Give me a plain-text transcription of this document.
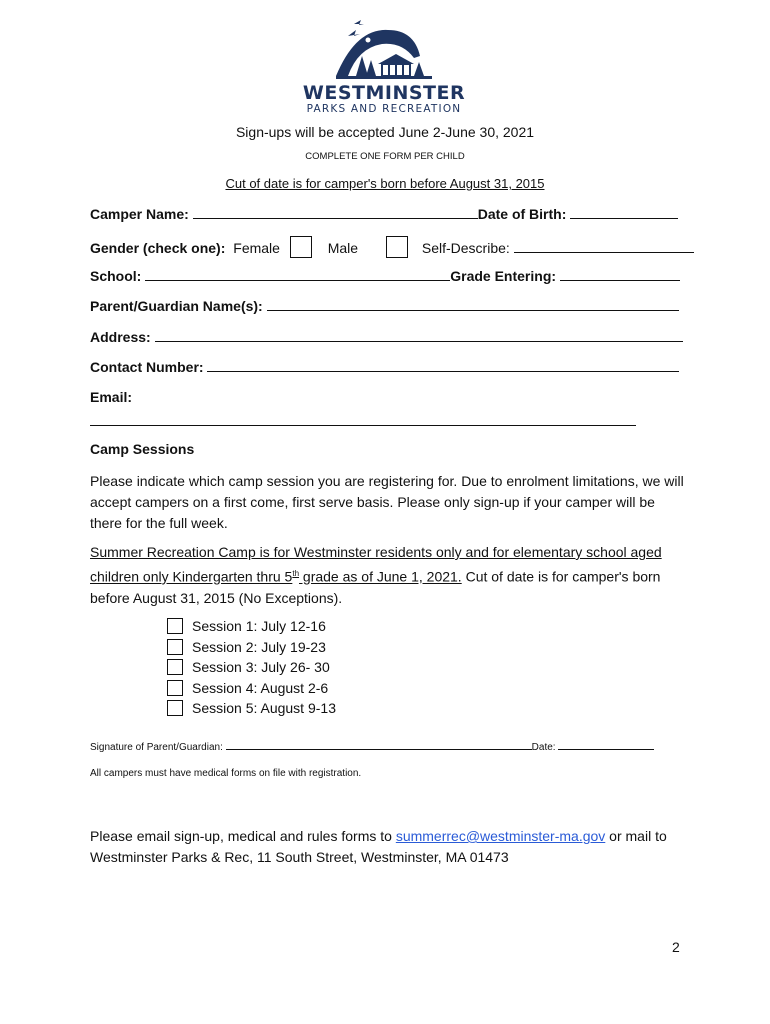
WESTMINSTER
PARKS AND RECREATION
Sign-ups will be accepted June 2-June 30, 2021
COMPLETE ONE FORM PER CHILD
Cut of date is for camper's born before August 31, 2015
Camper Name:	Date of Birth:
Gender (check one): Female	Male	Self-Describe:
School:	Grade Entering:
Parent/Guardian Name(s):
Address:
Contact Number:
Email:
Camp Sessions
Please indicate which camp session you are registering for. Due to enrolment limitations, we will accept campers on a first come, first serve basis. Please only sign-up if your camper will be there for the full week.
Summer Recreation Camp is for Westminster residents only and for elementary school aged children only Kindergarten thru 5th grade as of June 1, 2021. Cut of date is for camper's born before August 31, 2015 (No Exceptions).
Session 1: July 12-16
Session 2: July 19-23
Session 3: July 26- 30
Session 4: August 2-6
Session 5: August 9-13
Signature of Parent/Guardian:	Date:
All campers must have medical forms on file with registration.
Please email sign-up, medical and rules forms to summerrec@westminster-ma.gov or mail to
Westminster Parks & Rec, 11 South Street, Westminster, MA 01473
2
